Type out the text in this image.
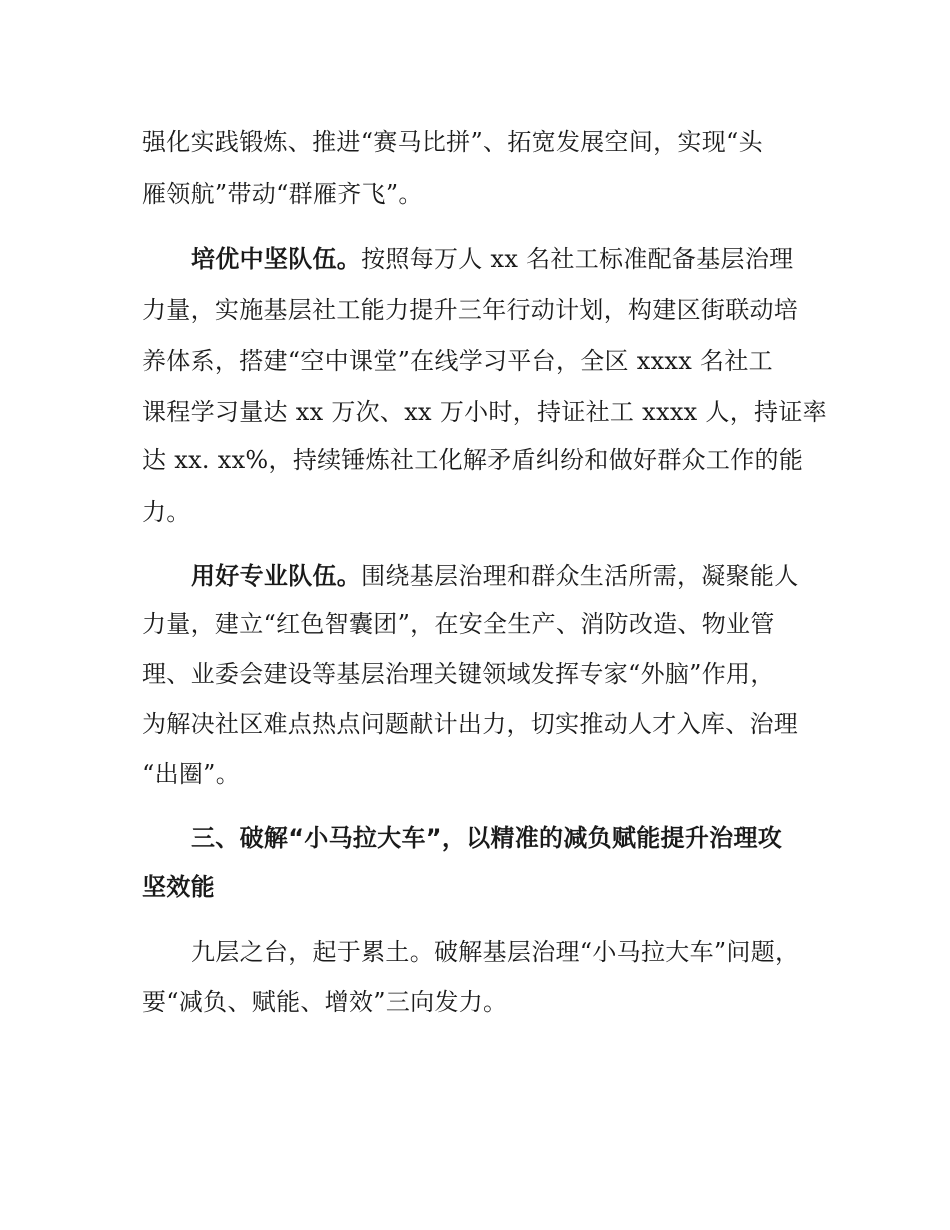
强化实践锻炼、推进“赛马比拼”、拓宽发展空间，实现“头
雁领航”带动“群雁齐飞”。
培优中坚队伍。按照每万人 xx 名社工标准配备基层治理
力量，实施基层社工能力提升三年行动计划，构建区街联动培
养体系，搭建“空中课堂”在线学习平台，全区 xxxx 名社工
课程学习量达 xx 万次、xx 万小时，持证社工 xxxx 人，持证率
达 xx. xx%，持续锤炼社工化解矛盾纠纷和做好群众工作的能
力。
用好专业队伍。围绕基层治理和群众生活所需，凝聚能人
力量，建立“红色智囊团”，在安全生产、消防改造、物业管
理、业委会建设等基层治理关键领域发挥专家“外脑”作用，
为解决社区难点热点问题献计出力，切实推动人才入库、治理
“出圈”。
三、破解“小马拉大车”，以精准的减负赋能提升治理攻
坚效能
九层之台，起于累土。破解基层治理“小马拉大车”问题，
要“减负、赋能、增效”三向发力。
